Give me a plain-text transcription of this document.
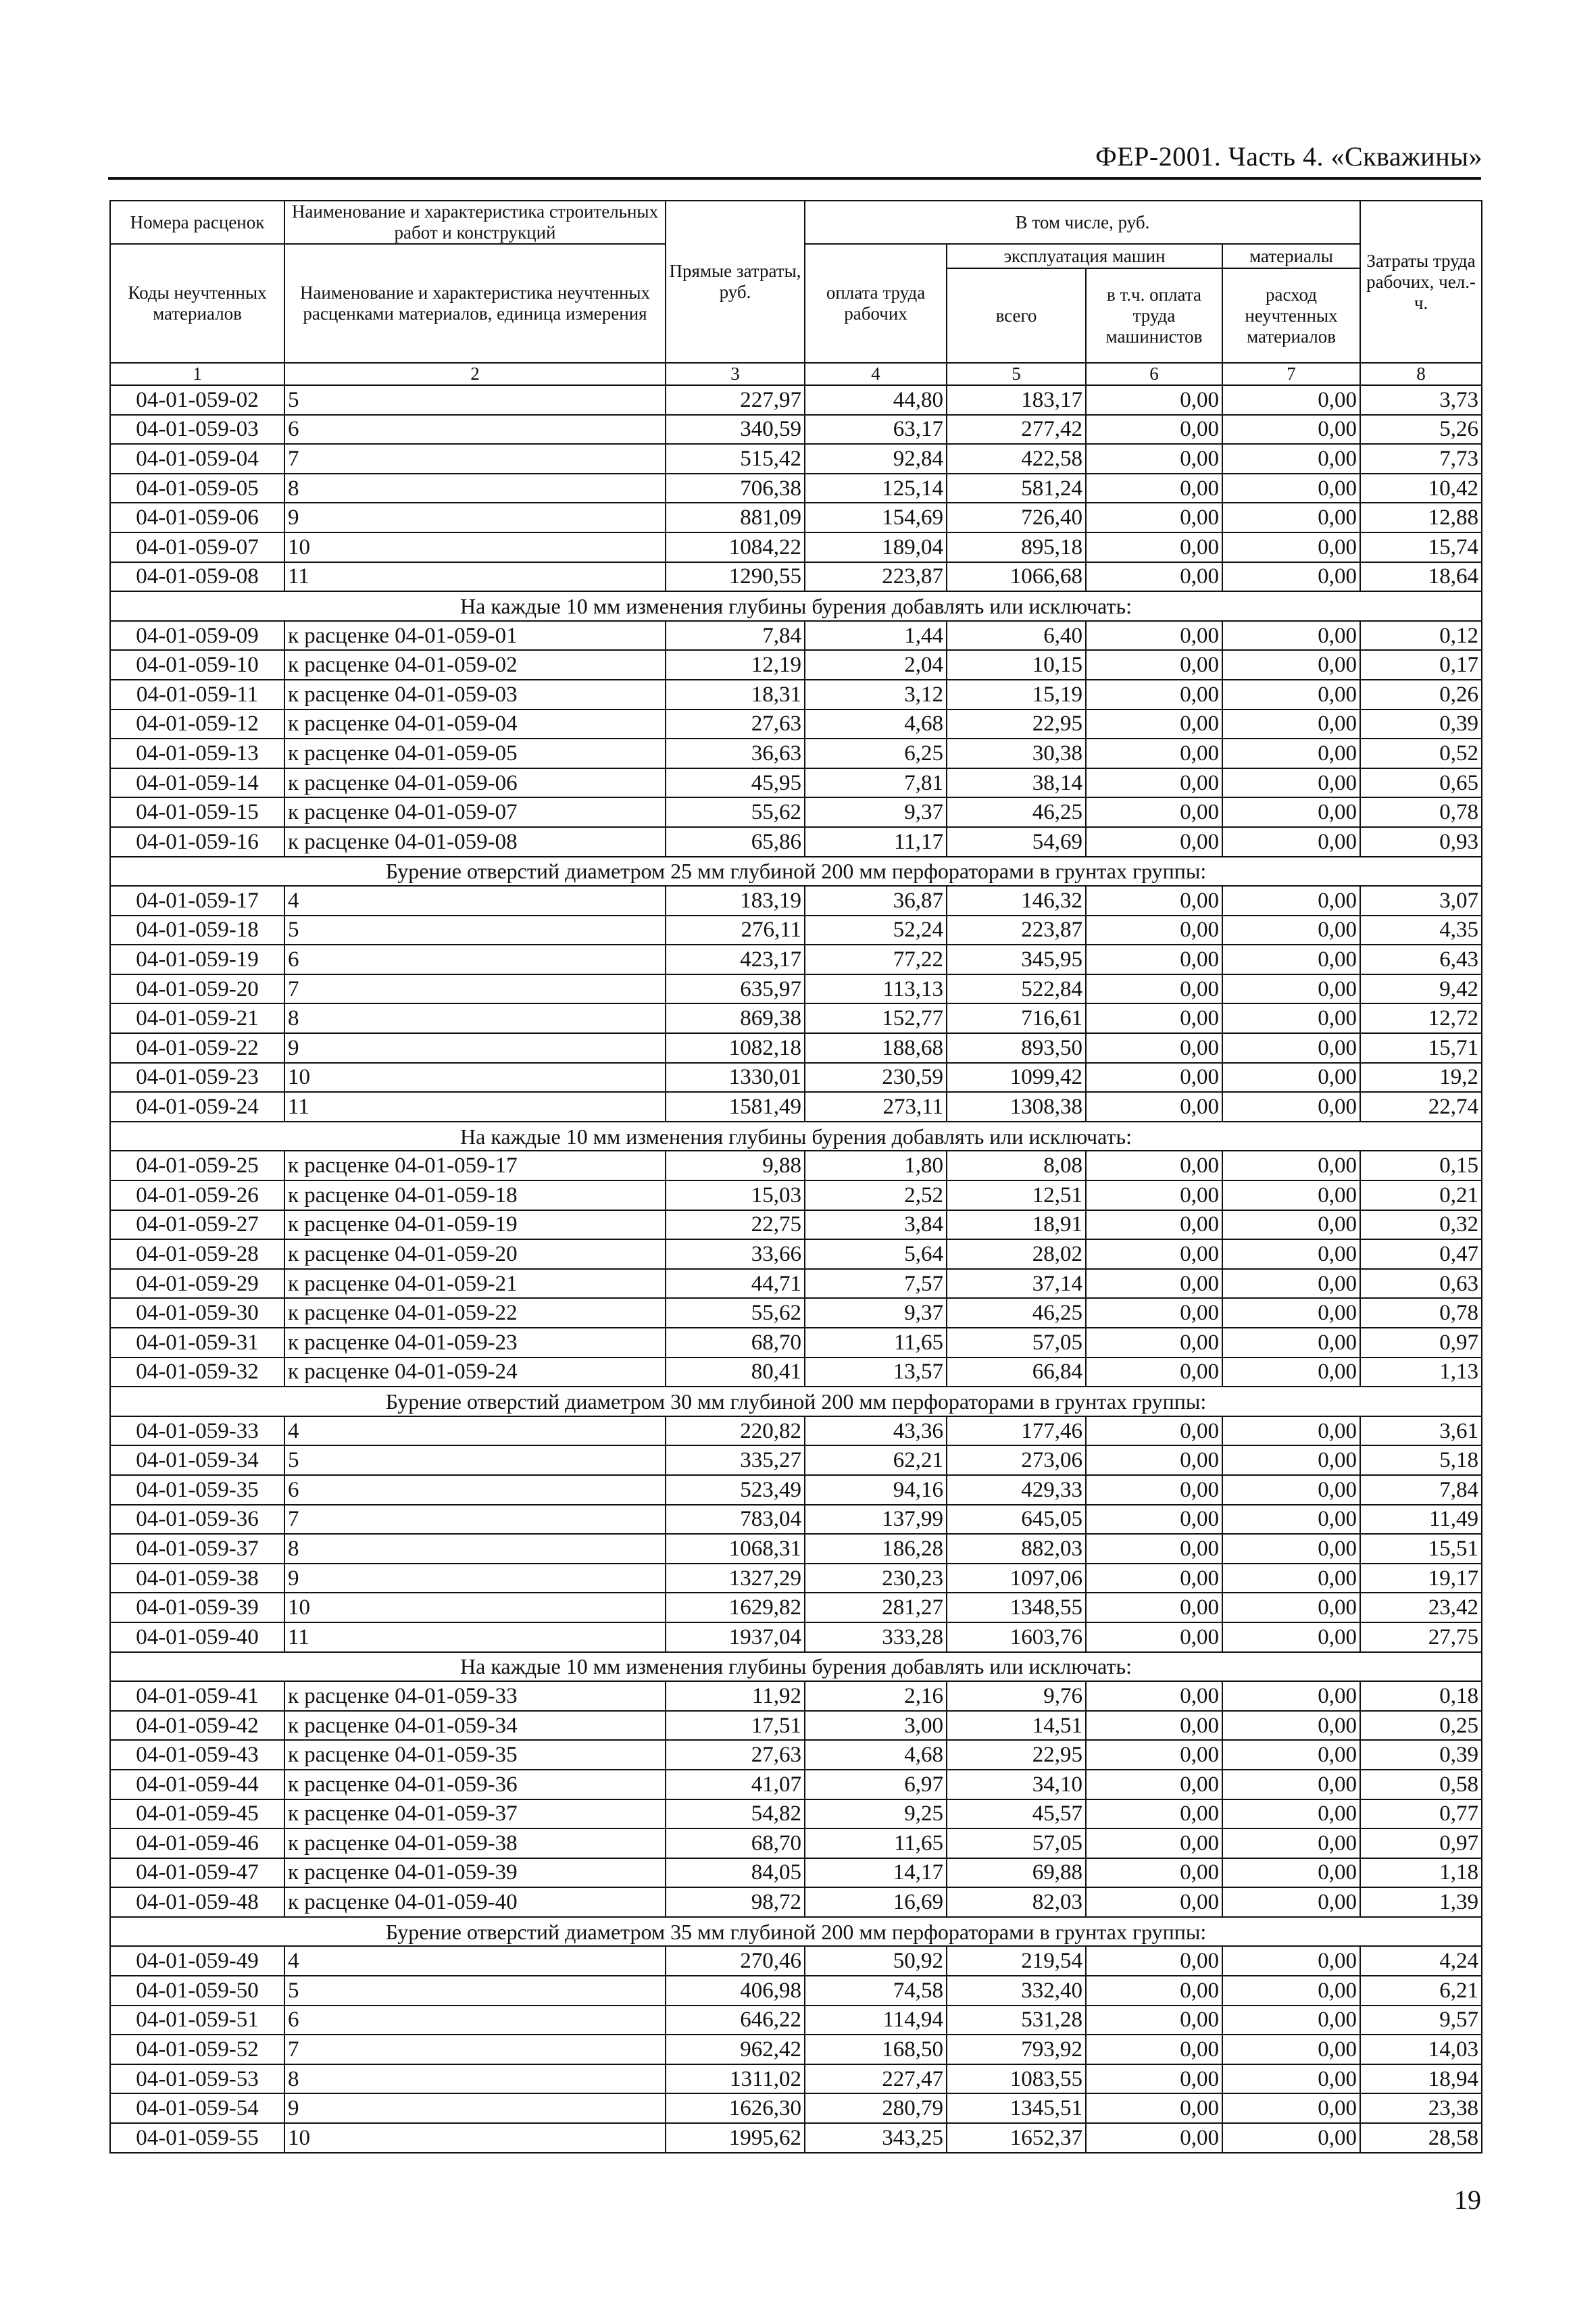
ФЕР-2001. Часть 4. «Скважины»
Номера расценок	Наименование и характеристика строительных работ и конструкций	Прямые затраты, руб.	В том числе, руб.				Затраты труда рабочих, чел.-ч.
Коды неучтенных материалов	Наименование и характеристика неучтенных расценками материалов, единица измерения		оплата труда рабочих	эксплуатация машин		материалы	
				всего	в т.ч. оплата труда машинистов	расход неучтенных материалов	
1	2	3	4	5	6	7	8
04-01-059-02	5	227,97	44,80	183,17	0,00	0,00	3,73
04-01-059-03	6	340,59	63,17	277,42	0,00	0,00	5,26
04-01-059-04	7	515,42	92,84	422,58	0,00	0,00	7,73
04-01-059-05	8	706,38	125,14	581,24	0,00	0,00	10,42
04-01-059-06	9	881,09	154,69	726,40	0,00	0,00	12,88
04-01-059-07	10	1084,22	189,04	895,18	0,00	0,00	15,74
04-01-059-08	11	1290,55	223,87	1066,68	0,00	0,00	18,64
На каждые 10 мм изменения глубины бурения добавлять или исключать:							
04-01-059-09	к расценке 04-01-059-01	7,84	1,44	6,40	0,00	0,00	0,12
04-01-059-10	к расценке 04-01-059-02	12,19	2,04	10,15	0,00	0,00	0,17
04-01-059-11	к расценке 04-01-059-03	18,31	3,12	15,19	0,00	0,00	0,26
04-01-059-12	к расценке 04-01-059-04	27,63	4,68	22,95	0,00	0,00	0,39
04-01-059-13	к расценке 04-01-059-05	36,63	6,25	30,38	0,00	0,00	0,52
04-01-059-14	к расценке 04-01-059-06	45,95	7,81	38,14	0,00	0,00	0,65
04-01-059-15	к расценке 04-01-059-07	55,62	9,37	46,25	0,00	0,00	0,78
04-01-059-16	к расценке 04-01-059-08	65,86	11,17	54,69	0,00	0,00	0,93
Бурение отверстий диаметром 25 мм глубиной 200 мм перфораторами в грунтах группы:							
04-01-059-17	4	183,19	36,87	146,32	0,00	0,00	3,07
04-01-059-18	5	276,11	52,24	223,87	0,00	0,00	4,35
04-01-059-19	6	423,17	77,22	345,95	0,00	0,00	6,43
04-01-059-20	7	635,97	113,13	522,84	0,00	0,00	9,42
04-01-059-21	8	869,38	152,77	716,61	0,00	0,00	12,72
04-01-059-22	9	1082,18	188,68	893,50	0,00	0,00	15,71
04-01-059-23	10	1330,01	230,59	1099,42	0,00	0,00	19,2
04-01-059-24	11	1581,49	273,11	1308,38	0,00	0,00	22,74
На каждые 10 мм изменения глубины бурения добавлять или исключать:							
04-01-059-25	к расценке 04-01-059-17	9,88	1,80	8,08	0,00	0,00	0,15
04-01-059-26	к расценке 04-01-059-18	15,03	2,52	12,51	0,00	0,00	0,21
04-01-059-27	к расценке 04-01-059-19	22,75	3,84	18,91	0,00	0,00	0,32
04-01-059-28	к расценке 04-01-059-20	33,66	5,64	28,02	0,00	0,00	0,47
04-01-059-29	к расценке 04-01-059-21	44,71	7,57	37,14	0,00	0,00	0,63
04-01-059-30	к расценке 04-01-059-22	55,62	9,37	46,25	0,00	0,00	0,78
04-01-059-31	к расценке 04-01-059-23	68,70	11,65	57,05	0,00	0,00	0,97
04-01-059-32	к расценке 04-01-059-24	80,41	13,57	66,84	0,00	0,00	1,13
Бурение отверстий диаметром 30 мм глубиной 200 мм перфораторами в грунтах группы:							
04-01-059-33	4	220,82	43,36	177,46	0,00	0,00	3,61
04-01-059-34	5	335,27	62,21	273,06	0,00	0,00	5,18
04-01-059-35	6	523,49	94,16	429,33	0,00	0,00	7,84
04-01-059-36	7	783,04	137,99	645,05	0,00	0,00	11,49
04-01-059-37	8	1068,31	186,28	882,03	0,00	0,00	15,51
04-01-059-38	9	1327,29	230,23	1097,06	0,00	0,00	19,17
04-01-059-39	10	1629,82	281,27	1348,55	0,00	0,00	23,42
04-01-059-40	11	1937,04	333,28	1603,76	0,00	0,00	27,75
На каждые 10 мм изменения глубины бурения добавлять или исключать:							
04-01-059-41	к расценке 04-01-059-33	11,92	2,16	9,76	0,00	0,00	0,18
04-01-059-42	к расценке 04-01-059-34	17,51	3,00	14,51	0,00	0,00	0,25
04-01-059-43	к расценке 04-01-059-35	27,63	4,68	22,95	0,00	0,00	0,39
04-01-059-44	к расценке 04-01-059-36	41,07	6,97	34,10	0,00	0,00	0,58
04-01-059-45	к расценке 04-01-059-37	54,82	9,25	45,57	0,00	0,00	0,77
04-01-059-46	к расценке 04-01-059-38	68,70	11,65	57,05	0,00	0,00	0,97
04-01-059-47	к расценке 04-01-059-39	84,05	14,17	69,88	0,00	0,00	1,18
04-01-059-48	к расценке 04-01-059-40	98,72	16,69	82,03	0,00	0,00	1,39
Бурение отверстий диаметром 35 мм глубиной 200 мм перфораторами в грунтах группы:							
04-01-059-49	4	270,46	50,92	219,54	0,00	0,00	4,24
04-01-059-50	5	406,98	74,58	332,40	0,00	0,00	6,21
04-01-059-51	6	646,22	114,94	531,28	0,00	0,00	9,57
04-01-059-52	7	962,42	168,50	793,92	0,00	0,00	14,03
04-01-059-53	8	1311,02	227,47	1083,55	0,00	0,00	18,94
04-01-059-54	9	1626,30	280,79	1345,51	0,00	0,00	23,38
04-01-059-55	10	1995,62	343,25	1652,37	0,00	0,00	28,58
19
